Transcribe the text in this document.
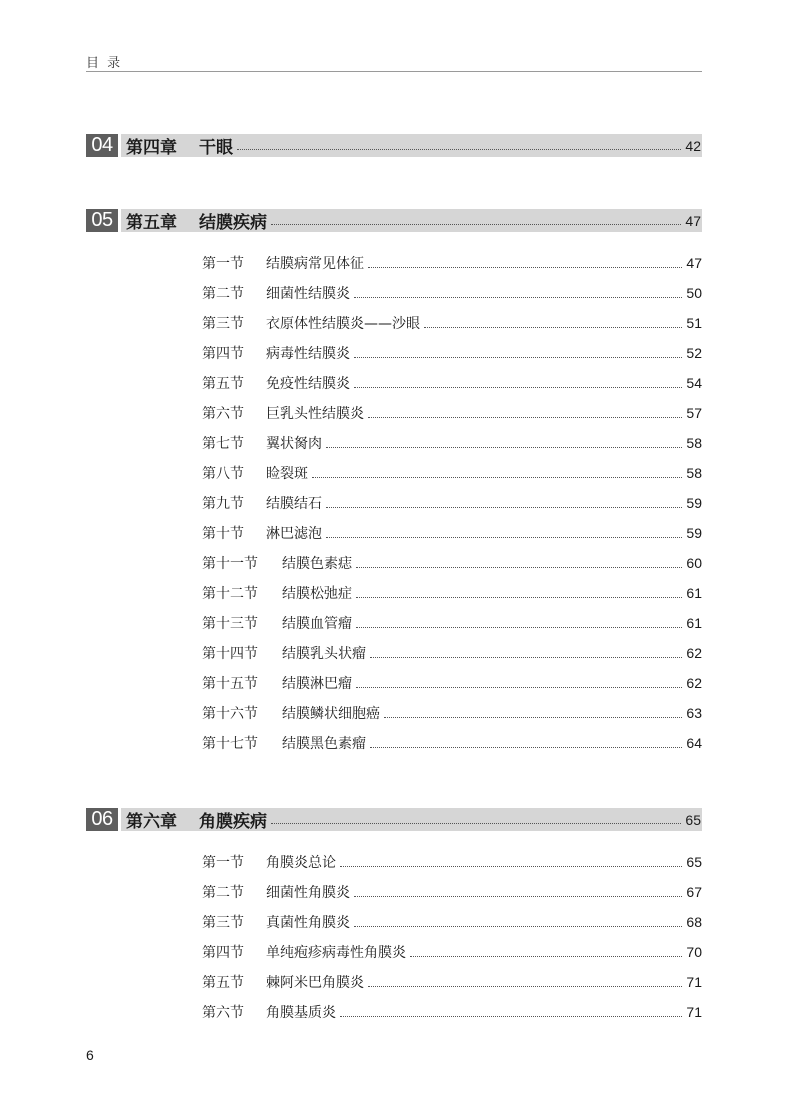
目 录
04 第四章 干眼	42
05 第五章 结膜疾病	47
第一节	结膜病常见体征	47
第二节	细菌性结膜炎	50
第三节	衣原体性结膜炎——沙眼	51
第四节	病毒性结膜炎	52
第五节	免疫性结膜炎	54
第六节	巨乳头性结膜炎	57
第七节	翼状胬肉	58
第八节	睑裂斑	58
第九节	结膜结石	59
第十节	淋巴滤泡	59
第十一节	结膜色素痣	60
第十二节	结膜松弛症	61
第十三节	结膜血管瘤	61
第十四节	结膜乳头状瘤	62
第十五节	结膜淋巴瘤	62
第十六节	结膜鳞状细胞癌	63
第十七节	结膜黑色素瘤	64
06 第六章 角膜疾病	65
第一节	角膜炎总论	65
第二节	细菌性角膜炎	67
第三节	真菌性角膜炎	68
第四节	单纯疱疹病毒性角膜炎	70
第五节	棘阿米巴角膜炎	71
第六节	角膜基质炎	71
6
